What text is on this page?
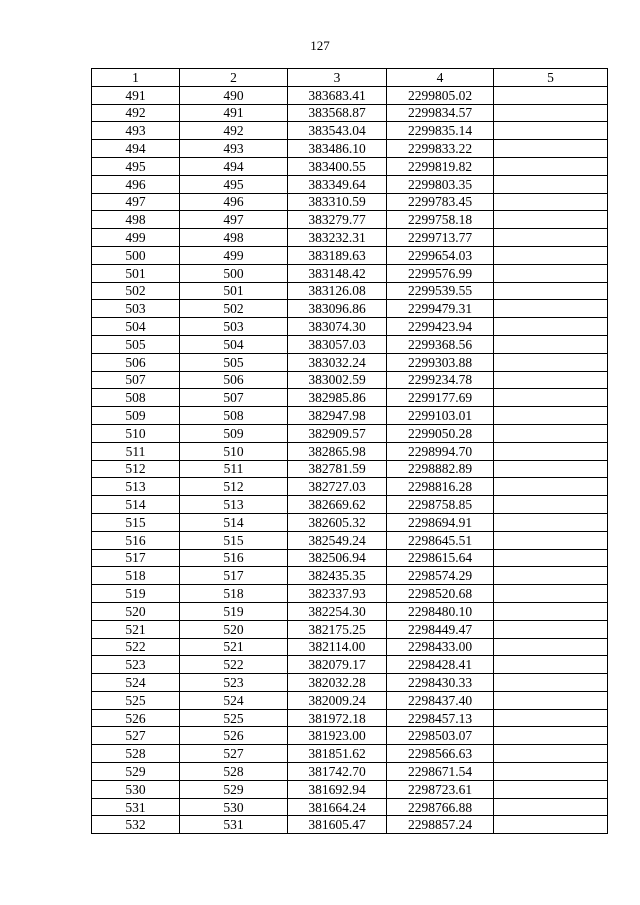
127
1	2	3	4	5
491	490	383683.41	2299805.02	
492	491	383568.87	2299834.57	
493	492	383543.04	2299835.14	
494	493	383486.10	2299833.22	
495	494	383400.55	2299819.82	
496	495	383349.64	2299803.35	
497	496	383310.59	2299783.45	
498	497	383279.77	2299758.18	
499	498	383232.31	2299713.77	
500	499	383189.63	2299654.03	
501	500	383148.42	2299576.99	
502	501	383126.08	2299539.55	
503	502	383096.86	2299479.31	
504	503	383074.30	2299423.94	
505	504	383057.03	2299368.56	
506	505	383032.24	2299303.88	
507	506	383002.59	2299234.78	
508	507	382985.86	2299177.69	
509	508	382947.98	2299103.01	
510	509	382909.57	2299050.28	
511	510	382865.98	2298994.70	
512	511	382781.59	2298882.89	
513	512	382727.03	2298816.28	
514	513	382669.62	2298758.85	
515	514	382605.32	2298694.91	
516	515	382549.24	2298645.51	
517	516	382506.94	2298615.64	
518	517	382435.35	2298574.29	
519	518	382337.93	2298520.68	
520	519	382254.30	2298480.10	
521	520	382175.25	2298449.47	
522	521	382114.00	2298433.00	
523	522	382079.17	2298428.41	
524	523	382032.28	2298430.33	
525	524	382009.24	2298437.40	
526	525	381972.18	2298457.13	
527	526	381923.00	2298503.07	
528	527	381851.62	2298566.63	
529	528	381742.70	2298671.54	
530	529	381692.94	2298723.61	
531	530	381664.24	2298766.88	
532	531	381605.47	2298857.24	
